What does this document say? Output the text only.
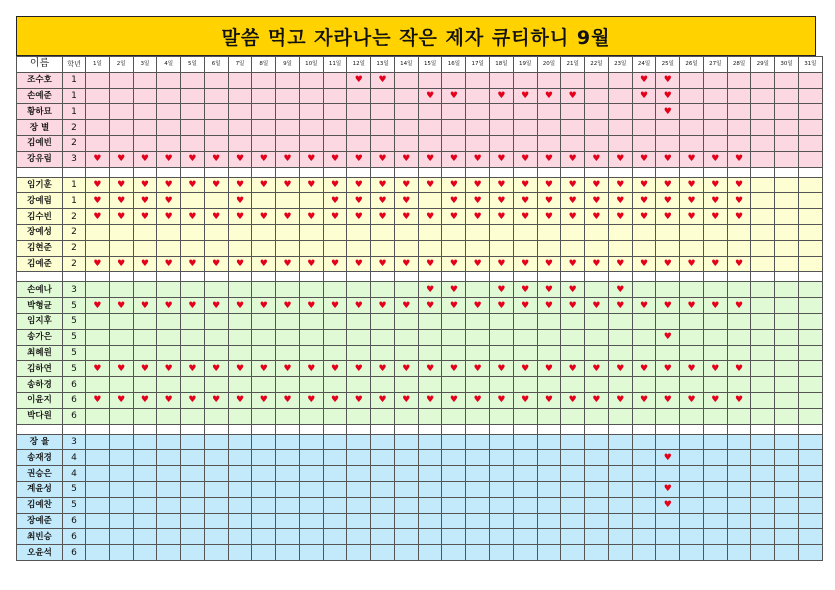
말씀 먹고 자라나는 작은 제자 큐티하니 9월
이름	학년	1일	2일	3일	4일	5일	6일	7일	8일	9일	10일	11일	12일	13일	14일	15일	16일	17일	18일	19일	20일	21일	22일	23일	24일	25일	26일	27일	28일	29일	30일	31일
조수호	1												♥	♥											♥	♥						
손예준	1															♥	♥		♥	♥	♥	♥			♥	♥						
황하묘	1																									♥						
장 별	2																															
김예빈	2																															
강유림	3	♥	♥	♥	♥	♥	♥	♥	♥	♥	♥	♥	♥	♥	♥	♥	♥	♥	♥	♥	♥	♥	♥	♥	♥	♥	♥	♥	♥			

임기훈	1	♥	♥	♥	♥	♥	♥	♥	♥	♥	♥	♥	♥	♥	♥	♥	♥	♥	♥	♥	♥	♥	♥	♥	♥	♥	♥	♥	♥			
강예림	1	♥	♥	♥	♥			♥				♥	♥	♥	♥		♥	♥	♥	♥	♥	♥	♥	♥	♥	♥	♥	♥	♥			
김수빈	2	♥	♥	♥	♥	♥	♥	♥	♥	♥	♥	♥	♥	♥	♥	♥	♥	♥	♥	♥	♥	♥	♥	♥	♥	♥	♥	♥	♥			
장예성	2																															
김현준	2																															
김예준	2	♥	♥	♥	♥	♥	♥	♥	♥	♥	♥	♥	♥	♥	♥	♥	♥	♥	♥	♥	♥	♥	♥	♥	♥	♥	♥	♥	♥			

손예나	3															♥	♥		♥	♥	♥	♥		♥								
박형균	5	♥	♥	♥	♥	♥	♥	♥	♥	♥	♥	♥	♥	♥	♥	♥	♥	♥	♥	♥	♥	♥	♥	♥	♥	♥	♥	♥	♥			
임지후	5																															
송가은	5																									♥						
최혜원	5																															
김하연	5	♥	♥	♥	♥	♥	♥	♥	♥	♥	♥	♥	♥	♥	♥	♥	♥	♥	♥	♥	♥	♥	♥	♥	♥	♥	♥	♥	♥			
송하경	6																															
이윤지	6	♥	♥	♥	♥	♥	♥	♥	♥	♥	♥	♥	♥	♥	♥	♥	♥	♥	♥	♥	♥	♥	♥	♥	♥	♥	♥	♥	♥			
박다원	6																															

장 율	3																															
송재경	4																									♥						
권승은	4																															
계윤성	5																									♥						
김예찬	5																									♥						
장예준	6																															
최빈승	6																															
오윤석	6																															
